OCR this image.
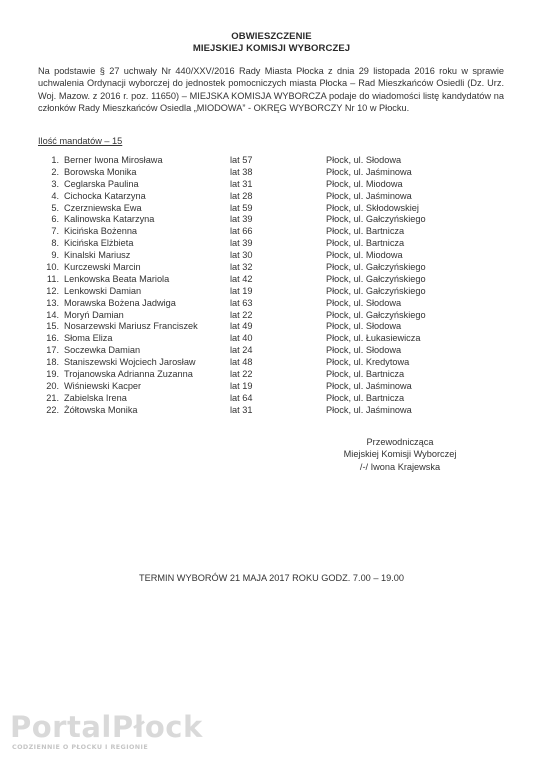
OBWIESZCZENIE
MIEJSKIEJ KOMISJI WYBORCZEJ
Na podstawie § 27 uchwały Nr 440/XXV/2016 Rady Miasta Płocka z dnia 29 listopada 2016 roku w sprawie uchwalenia Ordynacji wyborczej do jednostek pomocniczych miasta Płocka – Rad Mieszkańców Osiedli (Dz. Urz. Woj. Mazow. z 2016 r. poz. 11650) – MIEJSKA KOMISJA WYBORCZA podaje do wiadomości listę kandydatów na członków Rady Mieszkańców Osiedla „MIODOWA” - OKRĘG WYBORCZY Nr 10 w Płocku.
Ilość mandatów – 15
1. Berner Iwona Mirosława	lat 57	Płock, ul. Słodowa
2. Borowska Monika	lat 38	Płock, ul. Jaśminowa
3. Ceglarska Paulina	lat 31	Płock, ul. Miodowa
4. Cichocka Katarzyna	lat 28	Płock, ul. Jaśminowa
5. Czerzniewska Ewa	lat 59	Płock, ul. Skłodowskiej
6. Kalinowska Katarzyna	lat 39	Płock, ul. Gałczyńskiego
7. Kicińska Bożenna	lat 66	Płock, ul. Bartnicza
8. Kicińska Elżbieta	lat 39	Płock, ul. Bartnicza
9. Kinalski Mariusz	lat 30	Płock, ul. Miodowa
10. Kurczewski Marcin	lat 32	Płock, ul. Gałczyńskiego
11. Lenkowska Beata Mariola	lat 42	Płock, ul. Gałczyńskiego
12. Lenkowski Damian	lat 19	Płock, ul. Gałczyńskiego
13. Morawska Bożena Jadwiga	lat 63	Płock, ul. Słodowa
14. Moryń Damian	lat 22	Płock, ul. Gałczyńskiego
15. Nosarzewski Mariusz Franciszek	lat 49	Płock, ul. Słodowa
16. Słoma Eliza	lat 40	Płock, ul. Łukasiewicza
17. Soczewka Damian	lat 24	Płock, ul. Słodowa
18. Staniszewski Wojciech Jarosław	lat 48	Płock, ul. Kredytowa
19. Trojanowska Adrianna Zuzanna	lat 22	Płock, ul. Bartnicza
20. Wiśniewski Kacper	lat 19	Płock, ul. Jaśminowa
21. Zabielska Irena	lat 64	Płock, ul. Bartnicza
22. Żółtowska Monika	lat 31	Płock, ul. Jaśminowa
Przewodnicząca
Miejskiej Komisji Wyborczej
/-/ Iwona Krajewska
TERMIN WYBORÓW 21 MAJA 2017 ROKU GODZ. 7.00 – 19.00
PortalPłock
CODZIENNIE O PŁOCKU I REGIONIE
